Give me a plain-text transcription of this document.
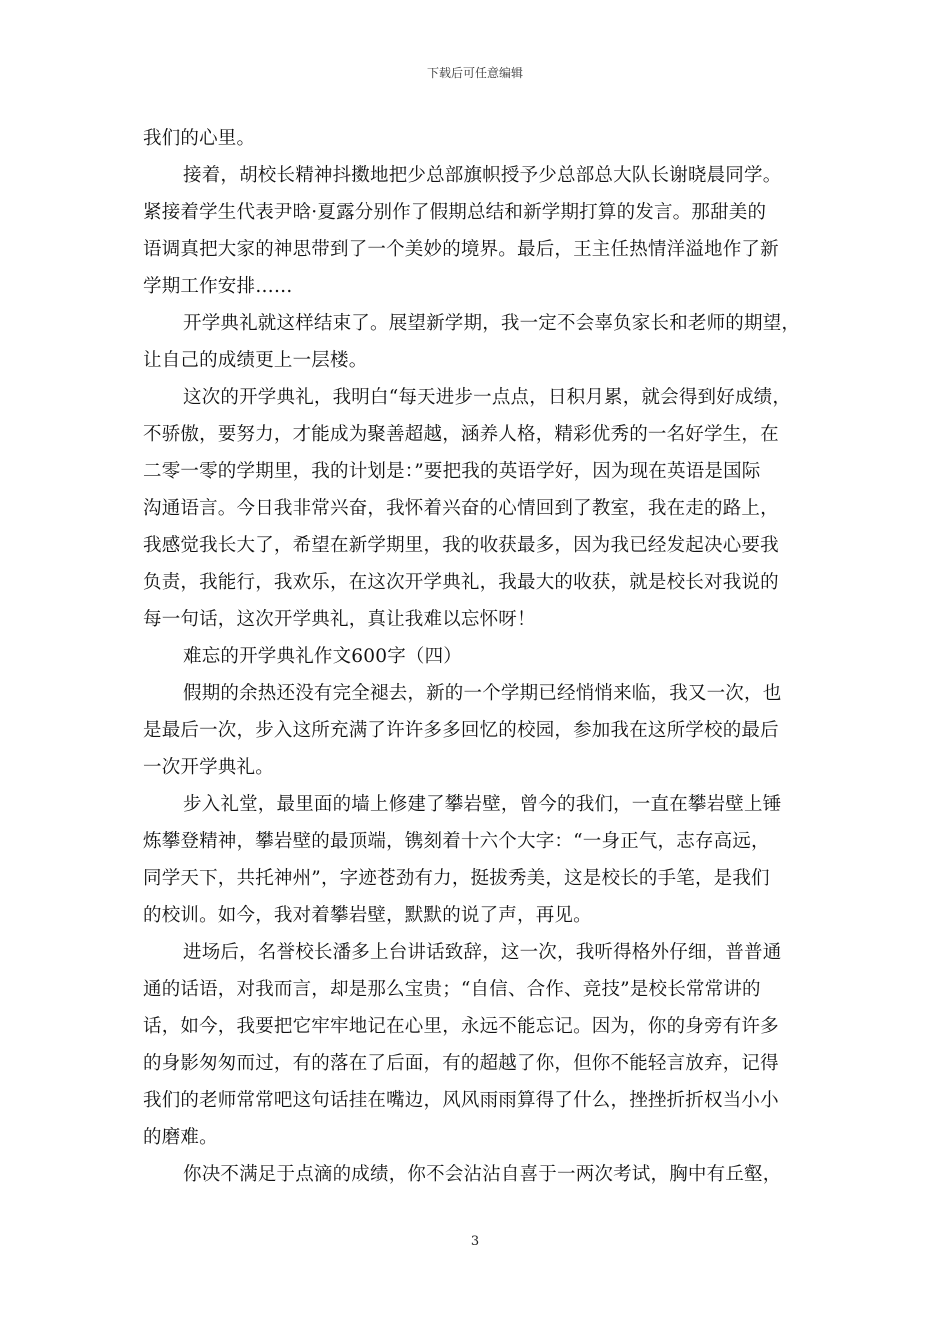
下载后可任意编辑
我们的心里。
接着，胡校长精神抖擞地把少总部旗帜授予少总部总大队长谢晓晨同学。
紧接着学生代表尹晗·夏露分别作了假期总结和新学期打算的发言。那甜美的
语调真把大家的神思带到了一个美妙的境界。最后，王主任热情洋溢地作了新
学期工作安排……
开学典礼就这样结束了。展望新学期，我一定不会辜负家长和老师的期望，
让自己的成绩更上一层楼。
这次的开学典礼，我明白“每天进步一点点，日积月累，就会得到好成绩，
不骄傲，要努力，才能成为聚善超越，涵养人格，精彩优秀的一名好学生，在
二零一零的学期里，我的计划是：”要把我的英语学好，因为现在英语是国际
沟通语言。今日我非常兴奋，我怀着兴奋的心情回到了教室，我在走的路上，
我感觉我长大了，希望在新学期里，我的收获最多，因为我已经发起决心要我
负责，我能行，我欢乐，在这次开学典礼，我最大的收获，就是校长对我说的
每一句话，这次开学典礼，真让我难以忘怀呀！
难忘的开学典礼作文600字（四）
假期的余热还没有完全褪去，新的一个学期已经悄悄来临，我又一次，也
是最后一次，步入这所充满了许许多多回忆的校园，参加我在这所学校的最后
一次开学典礼。
步入礼堂，最里面的墙上修建了攀岩壁，曾今的我们，一直在攀岩壁上锤
炼攀登精神，攀岩壁的最顶端，镌刻着十六个大字：“一身正气，志存高远，
同学天下，共托神州”，字迹苍劲有力，挺拔秀美，这是校长的手笔，是我们
的校训。如今，我对着攀岩壁，默默的说了声，再见。
进场后，名誉校长潘多上台讲话致辞，这一次，我听得格外仔细，普普通
通的话语，对我而言，却是那么宝贵；“自信、合作、竞技”是校长常常讲的
话，如今，我要把它牢牢地记在心里，永远不能忘记。因为，你的身旁有许多
的身影匆匆而过，有的落在了后面，有的超越了你，但你不能轻言放弃，记得
我们的老师常常吧这句话挂在嘴边，风风雨雨算得了什么，挫挫折折权当小小
的磨难。
你决不满足于点滴的成绩，你不会沾沾自喜于一两次考试，胸中有丘壑，
3
